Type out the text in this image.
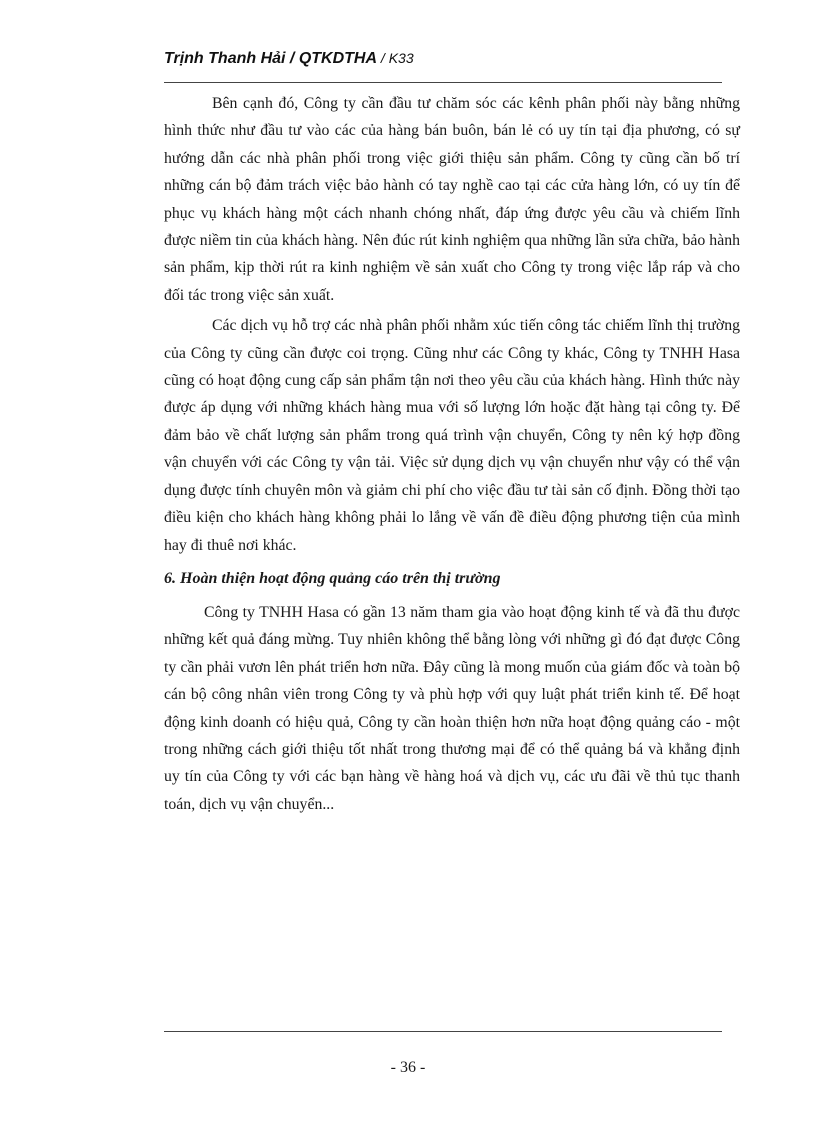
Trịnh Thanh Hải / QTKDTHA / K33

Bên cạnh đó, Công ty cần đầu tư chăm sóc các kênh phân phối này bằng những hình thức như đầu tư vào các của hàng bán buôn, bán lẻ có uy tín tại địa phương, có sự hướng dẫn các nhà phân phối trong việc giới thiệu sản phẩm. Công ty cũng cần bố trí những cán bộ đảm trách việc bảo hành có tay nghề cao tại các cửa hàng lớn, có uy tín để phục vụ khách hàng một cách nhanh chóng nhất, đáp ứng được yêu cầu và chiếm lĩnh được niềm tin của khách hàng. Nên đúc rút kinh nghiệm qua những lần sửa chữa, bảo hành sản phẩm, kịp thời rút ra kinh nghiệm về sản xuất cho Công ty trong việc lắp ráp và cho đối tác trong việc sản xuất.

Các dịch vụ hỗ trợ các nhà phân phối nhằm xúc tiến công tác chiếm lĩnh thị trường của Công ty cũng cần được coi trọng. Cũng như các Công ty khác, Công ty TNHH Hasa cũng có hoạt động cung cấp sản phẩm tận nơi theo yêu cầu của khách hàng. Hình thức này được áp dụng với những khách hàng mua với số lượng lớn hoặc đặt hàng tại công ty. Để đảm bảo về chất lượng sản phẩm trong quá trình vận chuyển, Công ty nên ký hợp đồng vận chuyển với các Công ty vận tải. Việc sử dụng dịch vụ vận chuyển như vậy có thể vận dụng được tính chuyên môn và giảm chi phí cho việc đầu tư tài sản cố định. Đồng thời tạo điều kiện cho khách hàng không phải lo lắng về vấn đề điều động phương tiện của mình hay đi thuê nơi khác.

6. Hoàn thiện hoạt động quảng cáo trên thị trường

Công ty TNHH Hasa có gần 13 năm tham gia vào hoạt động kinh tế và đã thu được những kết quả đáng mừng. Tuy nhiên không thể bằng lòng với những gì đó đạt được Công ty cần phải vươn lên phát triển hơn nữa. Đây cũng là mong muốn của giám đốc và toàn bộ cán bộ công nhân viên trong Công ty và phù hợp với quy luật phát triển kinh tế. Để hoạt động kinh doanh có hiệu quả, Công ty cần hoàn thiện hơn nữa hoạt động quảng cáo - một trong những cách giới thiệu tốt nhất trong thương mại để có thể quảng bá và khẳng định uy tín của Công ty với các bạn hàng về hàng hoá và dịch vụ, các ưu đãi về thủ tục thanh toán, dịch vụ vận chuyển...

- 36 -
